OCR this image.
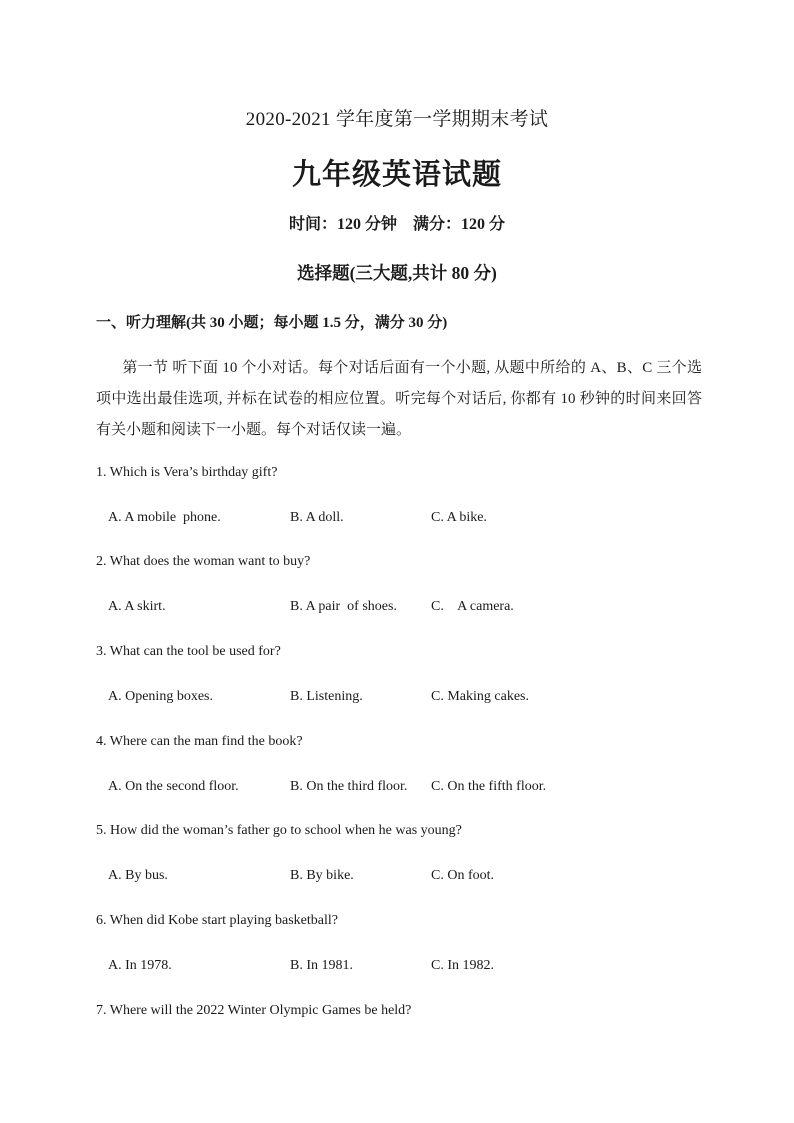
2020-2021 学年度第一学期期末考试
九年级英语试题
时间：120 分钟    满分：120 分
选择题(三大题,共计 80 分)
一、听力理解(共 30 小题；每小题 1.5 分，满分 30 分)
第一节 听下面 10 个小对话。每个对话后面有一个小题, 从题中所给的 A、B、C 三个选项中选出最佳选项, 并标在试卷的相应位置。听完每个对话后, 你都有 10 秒钟的时间来回答有关小题和阅读下一小题。每个对话仅读一遍。
1. Which is Vera’s birthday gift?
A. A mobile  phone.	B. A doll.	C. A bike.
2. What does the woman want to buy?
A. A skirt.	B. A pair  of shoes. C.    A camera.
3. What can the tool be used for?
A. Opening boxes.	B. Listening.	C. Making cakes.
4. Where can the man find the book?
A. On the second floor.	B. On the third floor. C. On the fifth floor.
5. How did the woman’s father go to school when he was young?
A. By bus.	B. By bike.	C. On foot.
6. When did Kobe start playing basketball?
A. In 1978.	B. In 1981.	C. In 1982.
7. Where will the 2022 Winter Olympic Games be held?
